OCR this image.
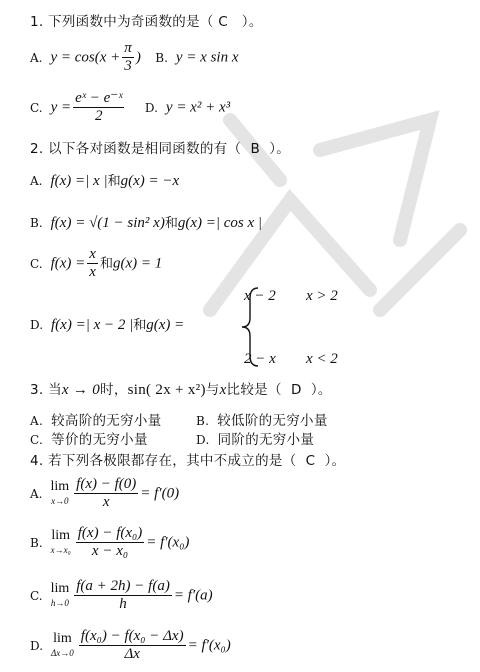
1. 下列函数中为奇函数的是（ C ）。
A. $y = \cos(x + \frac{\pi}{3}$ ) B. y = x sin x
C. $y = \frac{\text{eˣ − e⁻ˣ}}{2} D$. y = x² + x³
2. 以下各对函数是相同函数的有（ B ）。
A. f(x) =| x |和g(x) = −x
B. f(x) = √(1 − sin² x)和g(x) =| cos x |
C. $f(x) = \frac{x}{x}$ 和g(x) = 1
D. f(x) =| x − 2 |和g(x) =
x − 2 x > 2
2 − x x < 2
3. 当x → 0时，sin( 2x + x²)与x比较是（ D ）。
A. 较高阶的无穷小量	B. 较低阶的无穷小量
C. 等价的无穷小量	D. 同阶的无穷小量
4. 若下列各极限都存在，其中不成立的是（ C ）。
A. lim
$x\to 0 \frac{f(x) - f(0)}{x} = f'(0)$
B. lim
$x\to x_0 \frac{\text{f(x) − f(x₀)}}{\text{x − x₀}} = f'(x_0)$
C. lim
$h\to 0 \frac{f(a + 2h) - f(a)}{h} = f'(a)$
D. lim
$\Delta x\to 0 \frac{\text{f(x₀) − f(x₀ − Δx)}}{\Delta x} = f'(x_0)$
